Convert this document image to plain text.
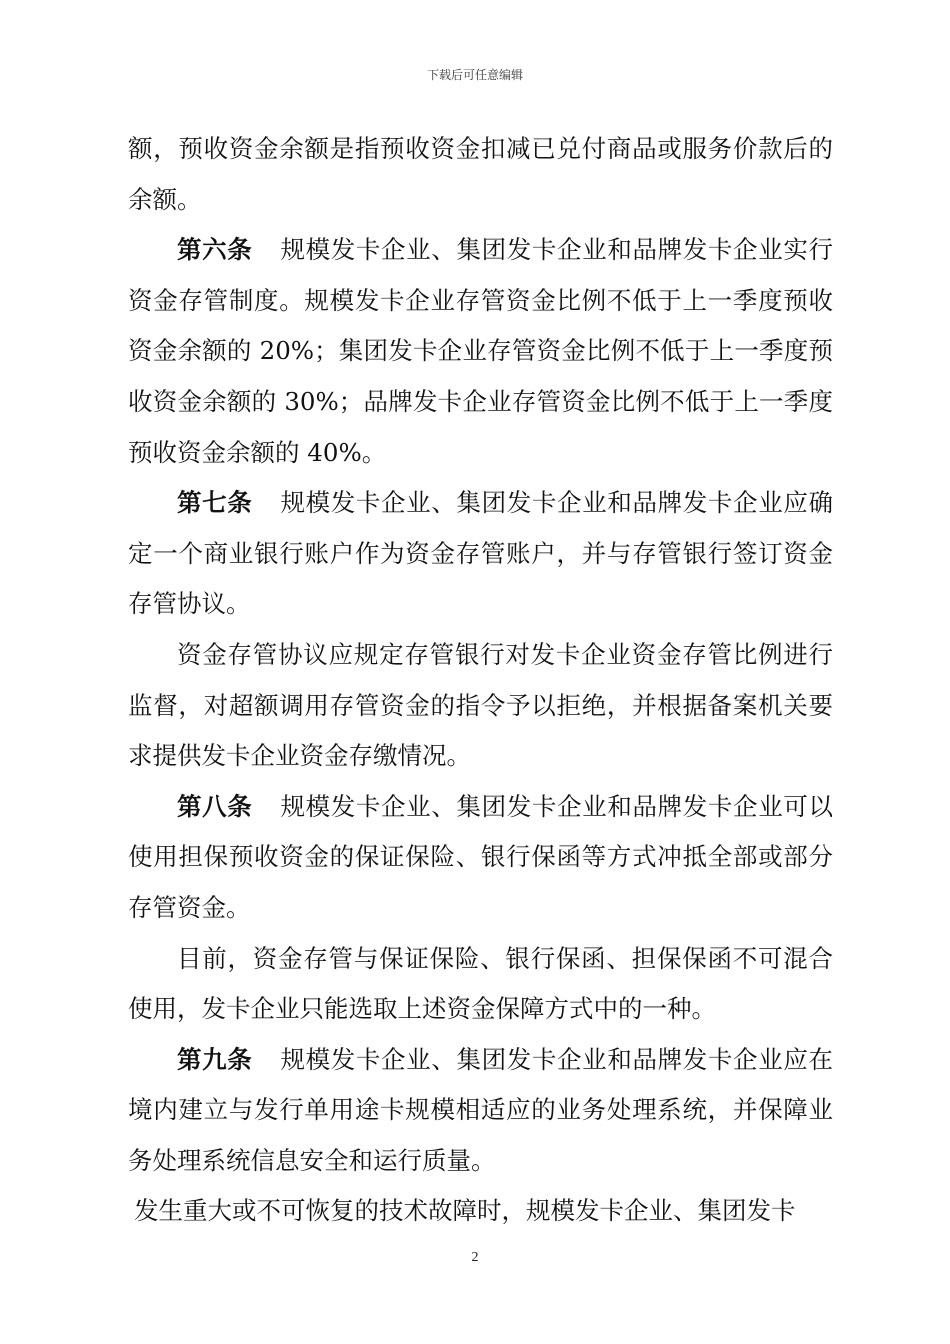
下载后可任意编辑

额，预收资金余额是指预收资金扣减已兑付商品或服务价款后的余额。

第六条 规模发卡企业、集团发卡企业和品牌发卡企业实行资金存管制度。规模发卡企业存管资金比例不低于上一季度预收资金余额的 20%；集团发卡企业存管资金比例不低于上一季度预收资金余额的 30%；品牌发卡企业存管资金比例不低于上一季度预收资金余额的 40%。

第七条 规模发卡企业、集团发卡企业和品牌发卡企业应确定一个商业银行账户作为资金存管账户，并与存管银行签订资金存管协议。

资金存管协议应规定存管银行对发卡企业资金存管比例进行监督，对超额调用存管资金的指令予以拒绝，并根据备案机关要求提供发卡企业资金存缴情况。

第八条 规模发卡企业、集团发卡企业和品牌发卡企业可以使用担保预收资金的保证保险、银行保函等方式冲抵全部或部分存管资金。

目前，资金存管与保证保险、银行保函、担保保函不可混合使用，发卡企业只能选取上述资金保障方式中的一种。

第九条 规模发卡企业、集团发卡企业和品牌发卡企业应在境内建立与发行单用途卡规模相适应的业务处理系统，并保障业务处理系统信息安全和运行质量。

发生重大或不可恢复的技术故障时，规模发卡企业、集团发卡

2
